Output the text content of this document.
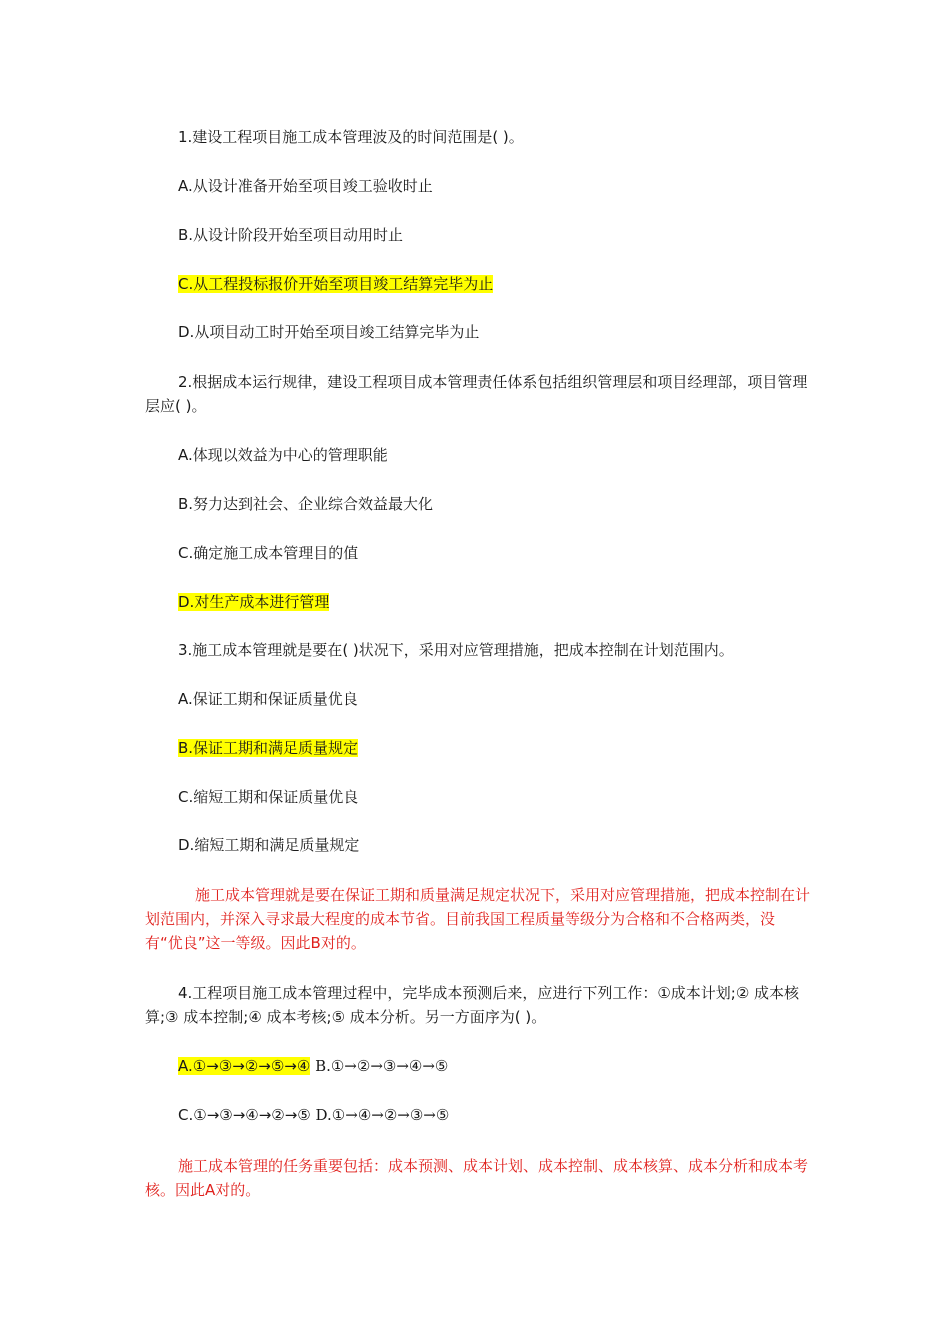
1.建设工程项目施工成本管理波及的时间范围是( )。
A.从设计准备开始至项目竣工验收时止
B.从设计阶段开始至项目动用时止
C.从工程投标报价开始至项目竣工结算完毕为止
D.从项目动工时开始至项目竣工结算完毕为止
2.根据成本运行规律，建设工程项目成本管理责任体系包括组织管理层和项目经理部，项目管理层应( )。
A.体现以效益为中心的管理职能
B.努力达到社会、企业综合效益最大化
C.确定施工成本管理目的值
D.对生产成本进行管理
3.施工成本管理就是要在( )状况下，采用对应管理措施，把成本控制在计划范围内。
A.保证工期和保证质量优良
B.保证工期和满足质量规定
C.缩短工期和保证质量优良
D.缩短工期和满足质量规定
施工成本管理就是要在保证工期和质量满足规定状况下，采用对应管理措施，把成本控制在计划范围内，并深入寻求最大程度的成本节省。目前我国工程质量等级分为合格和不合格两类，没有“优良”这一等级。因此B对的。
4.工程项目施工成本管理过程中，完毕成本预测后来，应进行下列工作：①成本计划;② 成本核算;③ 成本控制;④ 成本考核;⑤ 成本分析。另一方面序为( )。
A.①→③→②→⑤→④ B.①→②→③→④→⑤
C.①→③→④→②→⑤ D.①→④→②→③→⑤
施工成本管理的任务重要包括：成本预测、成本计划、成本控制、成本核算、成本分析和成本考核。因此A对的。
